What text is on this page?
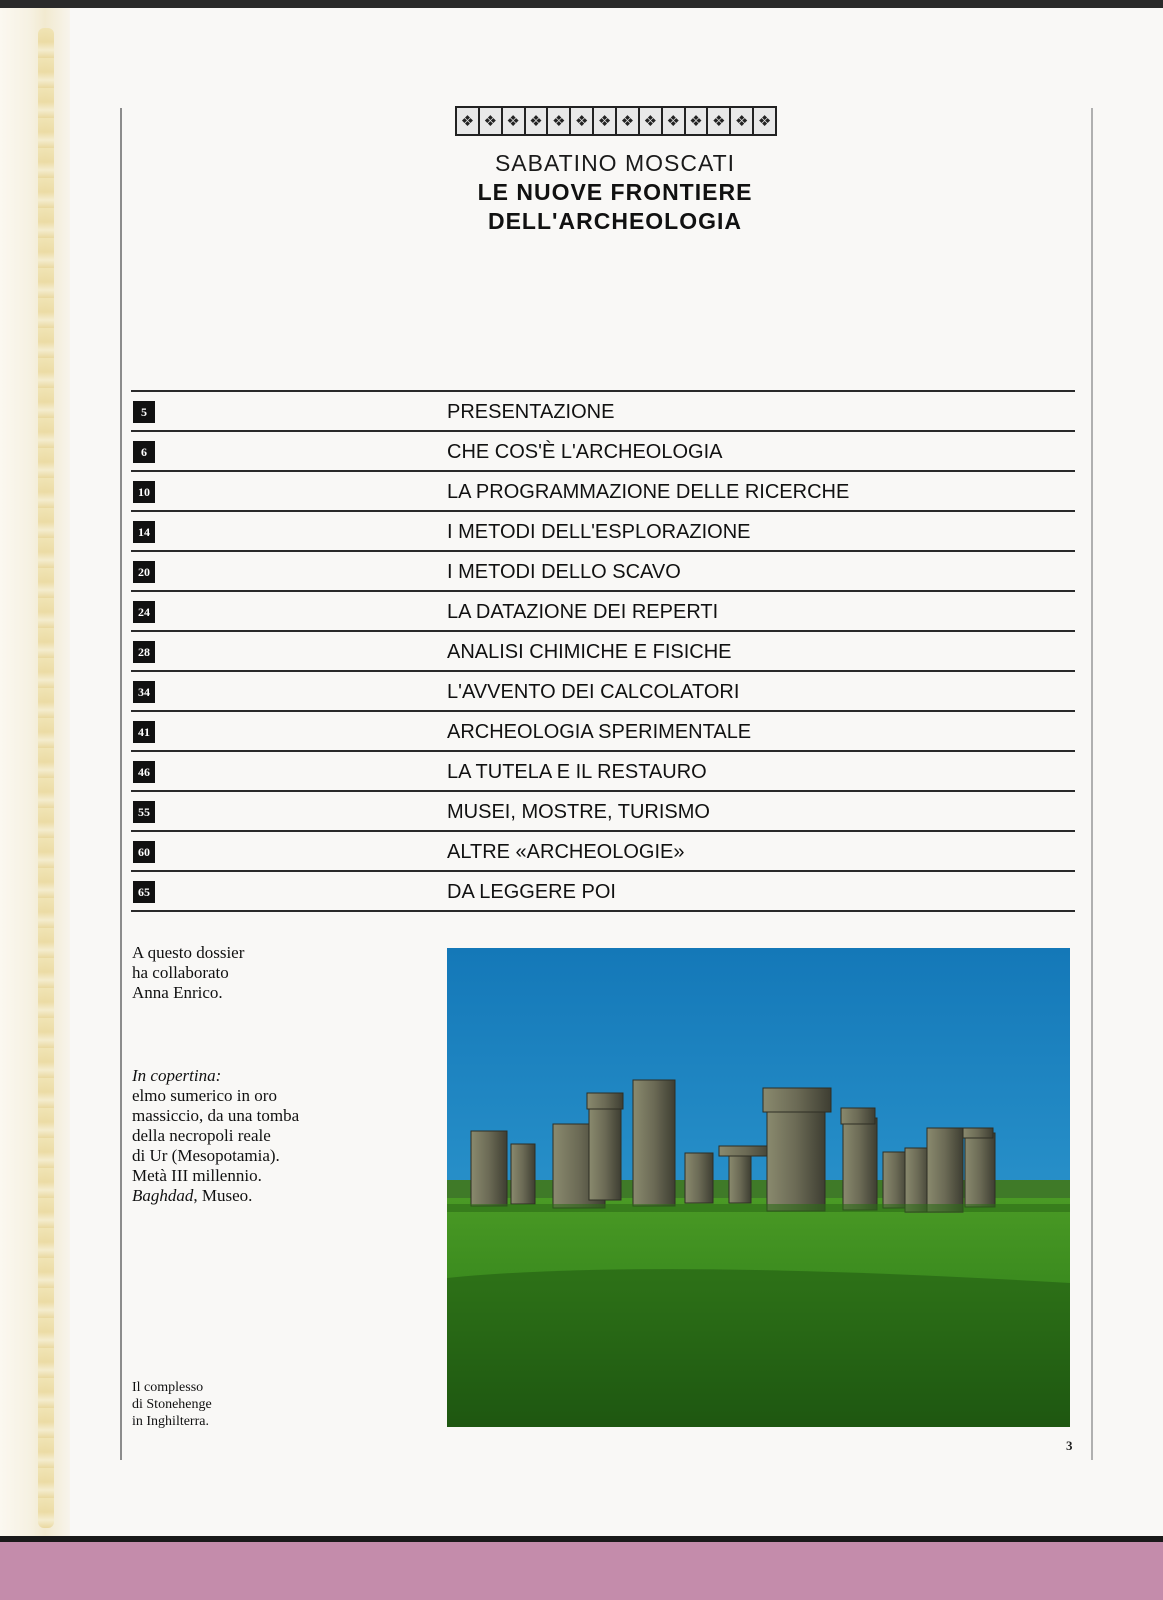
❖ ❖ ❖ ❖ ❖ ❖ ❖ ❖ ❖ ❖ ❖ ❖ ❖ ❖
SABATINO MOSCATI
LE NUOVE FRONTIERE
DELL'ARCHEOLOGIA
5	PRESENTAZIONE
6	CHE COS'È L'ARCHEOLOGIA
10	LA PROGRAMMAZIONE DELLE RICERCHE
14	I METODI DELL'ESPLORAZIONE
20	I METODI DELLO SCAVO
24	LA DATAZIONE DEI REPERTI
28	ANALISI CHIMICHE E FISICHE
34	L'AVVENTO DEI CALCOLATORI
41	ARCHEOLOGIA SPERIMENTALE
46	LA TUTELA E IL RESTAURO
55	MUSEI, MOSTRE, TURISMO
60	ALTRE «ARCHEOLOGIE»
65	DA LEGGERE POI
A questo dossier
ha collaborato
Anna Enrico.
In copertina:
elmo sumerico in oro
massiccio, da una tomba
della necropoli reale
di Ur (Mesopotamia).
Metà III millennio.
Baghdad, Museo.
Il complesso
di Stonehenge
in Inghilterra.
3
